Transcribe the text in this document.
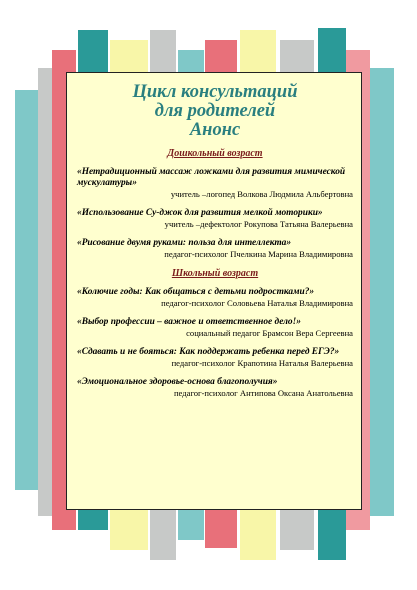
Цикл консультаций
для родителей
Анонс
Дошкольный возраст
«Нетрадиционный массаж ложками для развития мимической мускулатуры»
учитель –логопед Волкова Людмила Альбертовна
«Использование Су-джок для развития мелкой моторики»
учитель –дефектолог Рокупова Татьяна Валерьевна
«Рисование двумя руками: польза для интеллекта»
педагог-психолог Пчелкина Марина Владимировна
Школьный возраст
«Колючие годы: Как общаться с детьми подростками?»
педагог-психолог Соловьева Наталья Владимировна
«Выбор профессии – важное и ответственное дело!»
социальный педагог Брамсон Вера Сергеевна
«Сдавать и не бояться: Как поддержать ребенка перед ЕГЭ?»
педагог-психолог Крапотина Наталья Валерьевна
«Эмоциональное здоровье-основа благополучия»
педагог-психолог Антипова Оксана Анатольевна
